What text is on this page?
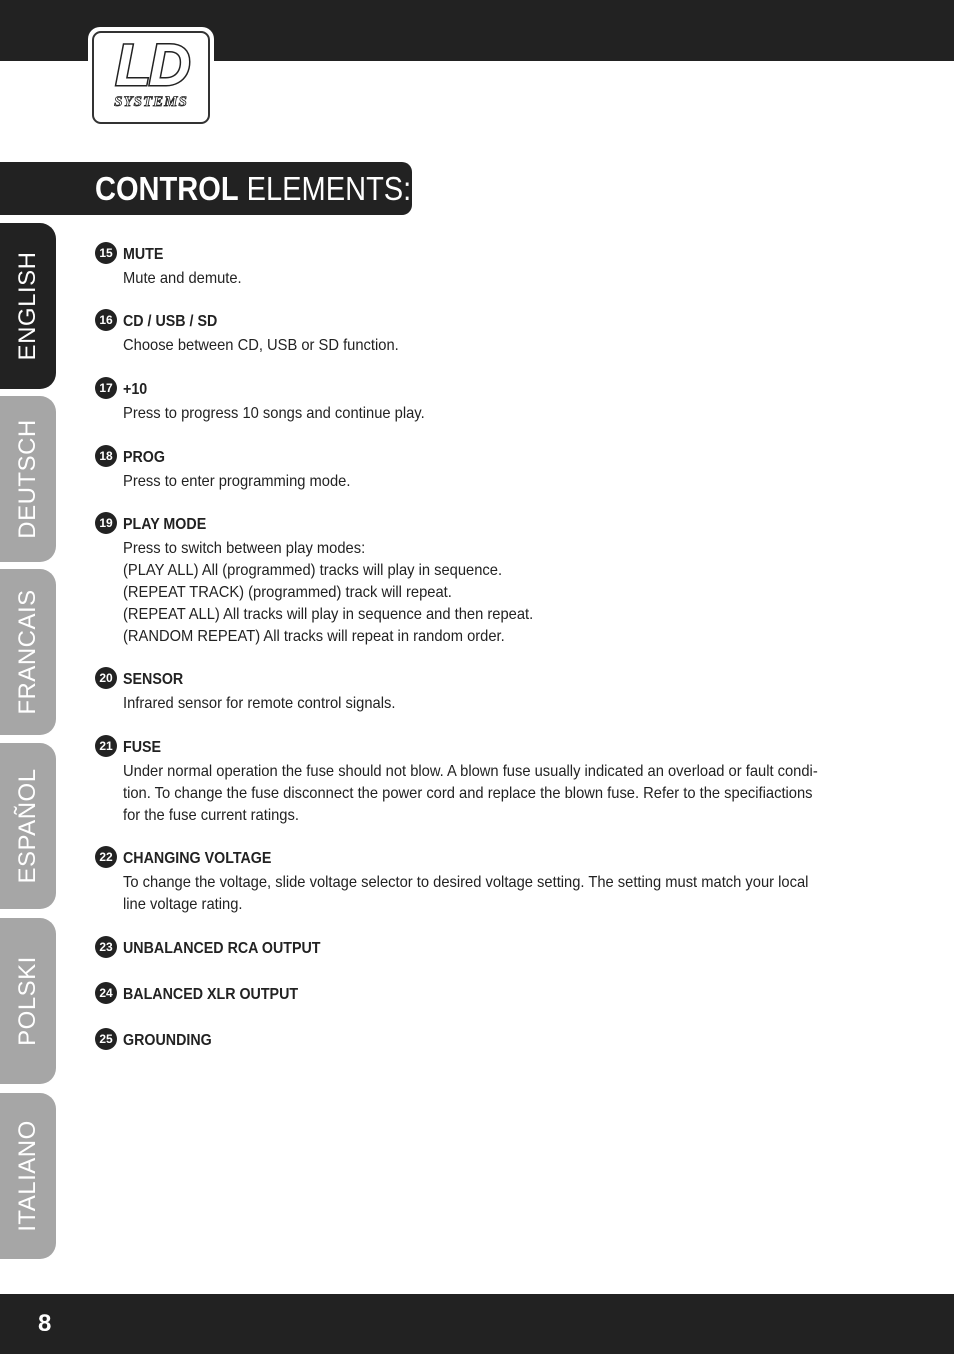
LD
SYSTEMS
CONTROL ELEMENTS:
ENGLISH
DEUTSCH
FRANCAIS
ESPAÑOL
POLSKI
ITALIANO
15 MUTE
Mute and demute.
16 CD / USB / SD
Choose between CD, USB or SD function.
17 +10
Press to progress 10 songs and continue play.
18 PROG
Press to enter programming mode.
19 PLAY MODE
Press to switch between play modes:
(PLAY ALL) All (programmed) tracks will play in sequence.
(REPEAT TRACK) (programmed) track will repeat.
(REPEAT ALL) All tracks will play in sequence and then repeat.
(RANDOM REPEAT) All tracks will repeat in random order.
20 SENSOR
Infrared sensor for remote control signals.
21 FUSE
Under normal operation the fuse should not blow. A blown fuse usually indicated an overload or fault condi-
tion. To change the fuse disconnect the power cord and replace the blown fuse. Refer to the specifiactions
for the fuse current ratings.
22 CHANGING VOLTAGE
To change the voltage, slide voltage selector to desired voltage setting. The setting must match your local
line voltage rating.
23 UNBALANCED RCA OUTPUT
24 BALANCED XLR OUTPUT
25 GROUNDING
8
